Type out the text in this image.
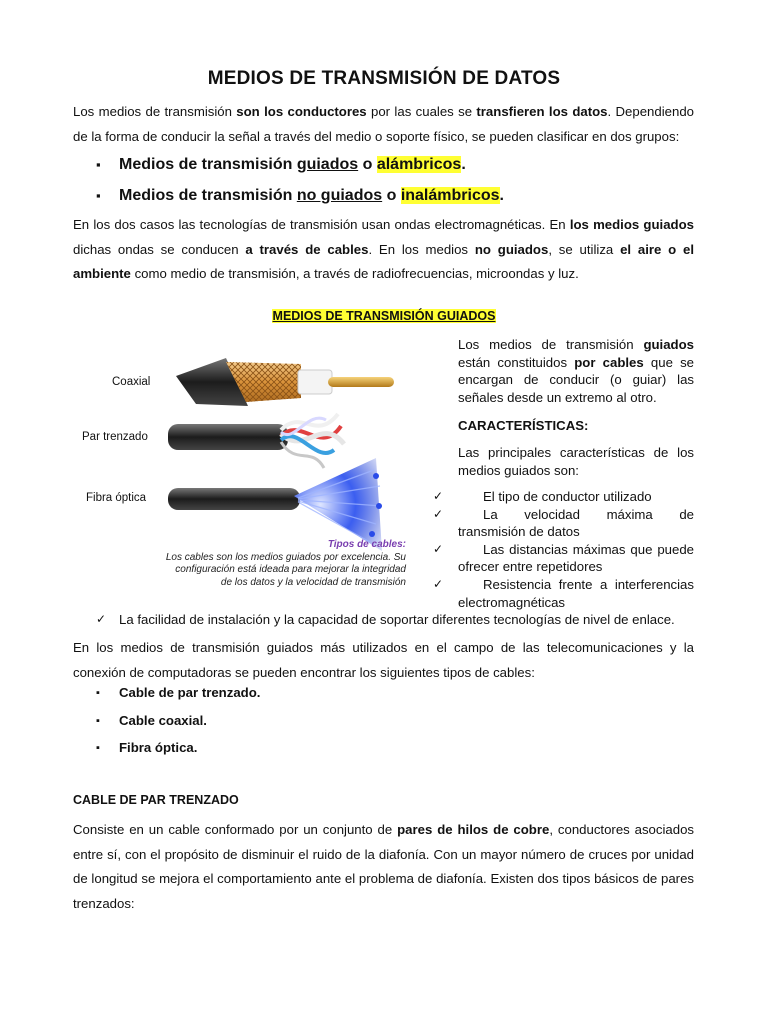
MEDIOS DE TRANSMISIÓN DE DATOS
Los medios de transmisión son los conductores por las cuales se transfieren los datos. Dependiendo de la forma de conducir la señal a través del medio o soporte físico, se pueden clasificar en dos grupos:
▪ Medios de transmisión guiados o alámbricos.
▪ Medios de transmisión no guiados o inalámbricos.
En los dos casos las tecnologías de transmisión usan ondas electromagnéticas. En los medios guiados dichas ondas se conducen a través de cables. En los medios no guiados, se utiliza el aire o el ambiente como medio de transmisión, a través de radiofrecuencias, microondas y luz.
MEDIOS DE TRANSMISIÓN GUIADOS
Coaxial
Par trenzado
Fibra óptica
Tipos de cables:
Los cables son los medios guiados por excelencia. Su
configuración está ideada para mejorar la integridad
de los datos y la velocidad de transmisión
Los medios de transmisión guiados están constituidos por cables que se encargan de conducir (o guiar) las señales desde un extremo al otro.
CARACTERÍSTICAS:
Las principales características de los medios guiados son:
✓	El tipo de conductor utilizado
✓	La velocidad máxima de transmisión de datos
✓	Las distancias máximas que puede ofrecer entre repetidores
✓	Resistencia frente a interferencias electromagnéticas
✓ La facilidad de instalación y la capacidad de soportar diferentes tecnologías de nivel de enlace.
En los medios de transmisión guiados más utilizados en el campo de las telecomunicaciones y la conexión de computadoras se pueden encontrar los siguientes tipos de cables:
▪ Cable de par trenzado.
▪ Cable coaxial.
▪ Fibra óptica.
CABLE DE PAR TRENZADO
Consiste en un cable conformado por un conjunto de pares de hilos de cobre, conductores asociados entre sí, con el propósito de disminuir el ruido de la diafonía. Con un mayor número de cruces por unidad de longitud se mejora el comportamiento ante el problema de diafonía. Existen dos tipos básicos de pares trenzados:
